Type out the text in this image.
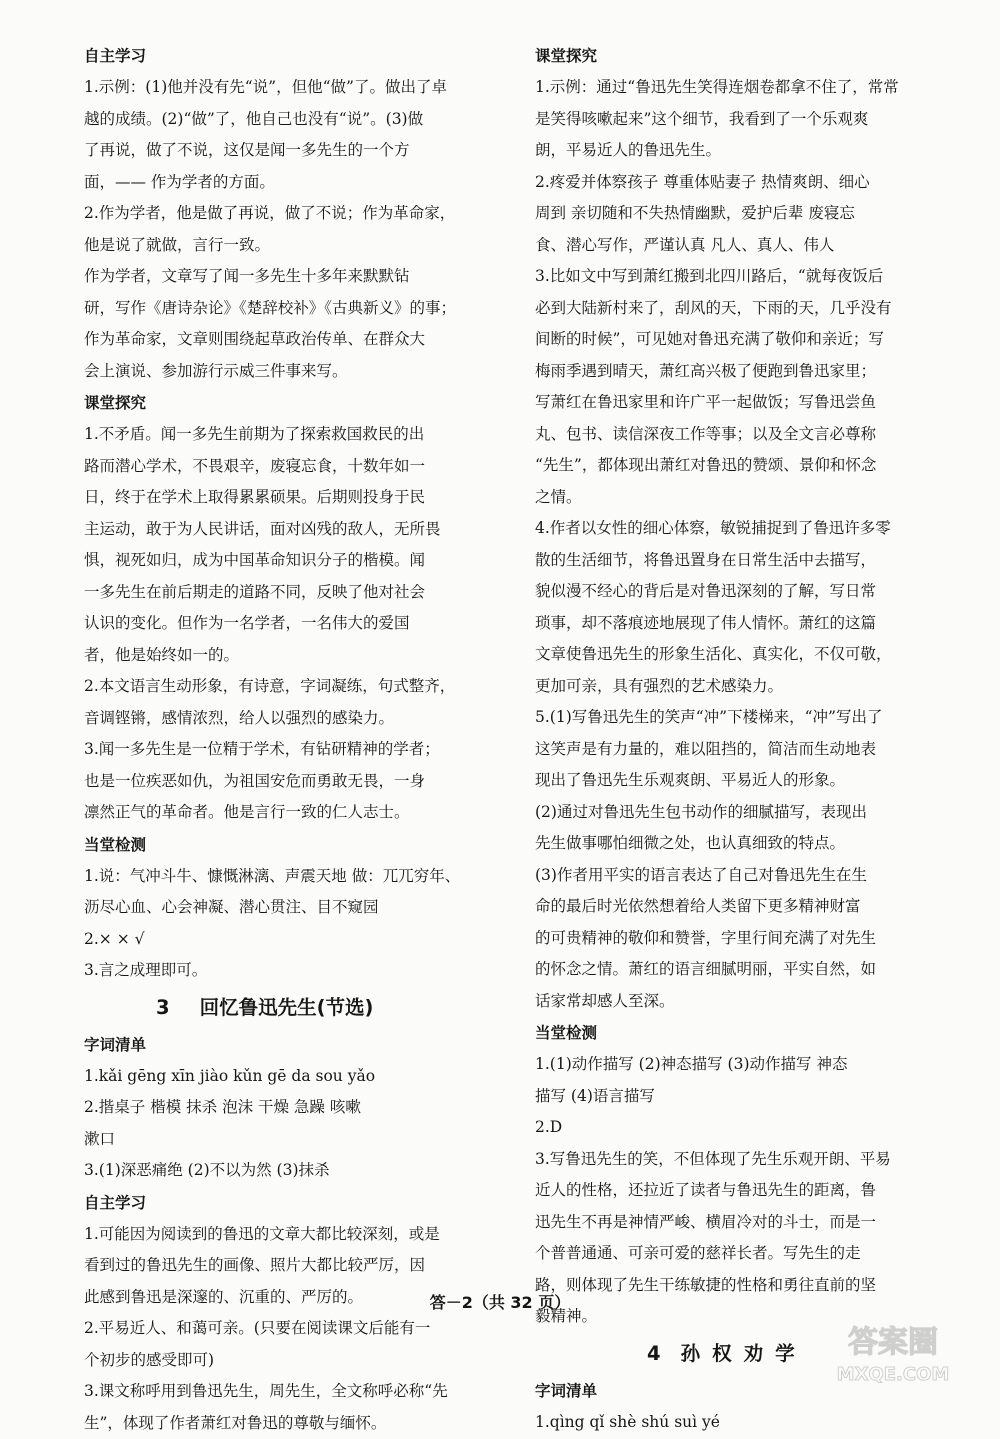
自主学习
1.示例：(1)他并没有先“说”，但他“做”了。做出了卓
越的成绩。(2)“做”了，他自己也没有“说”。(3)做
了再说，做了不说，这仅是闻一多先生的一个方
面，—— 作为学者的方面。
2.作为学者，他是做了再说，做了不说；作为革命家，
他是说了就做，言行一致。
作为学者，文章写了闻一多先生十多年来默默钻
研，写作《唐诗杂论》《楚辞校补》《古典新义》的事；
作为革命家，文章则围绕起草政治传单、在群众大
会上演说、参加游行示威三件事来写。
课堂探究
1.不矛盾。闻一多先生前期为了探索救国救民的出
路而潜心学术，不畏艰辛，废寝忘食，十数年如一
日，终于在学术上取得累累硕果。后期则投身于民
主运动，敢于为人民讲话，面对凶残的敌人，无所畏
惧，视死如归，成为中国革命知识分子的楷模。闻
一多先生在前后期走的道路不同，反映了他对社会
认识的变化。但作为一名学者，一名伟大的爱国
者，他是始终如一的。
2.本文语言生动形象，有诗意，字词凝练，句式整齐，
音调铿锵，感情浓烈，给人以强烈的感染力。
3.闻一多先生是一位精于学术，有钻研精神的学者；
也是一位疾恶如仇，为祖国安危而勇敢无畏，一身
凛然正气的革命者。他是言行一致的仁人志士。
当堂检测
1.说：气冲斗牛、慷慨淋漓、声震天地 做：兀兀穷年、
沥尽心血、心会神凝、潜心贯注、目不窥园
2.× × √
3.言之成理即可。
3 回忆鲁迅先生(节选)
字词清单
1.kǎi gēng xīn jiào kǔn gē da sou yǎo
2.揩桌子 楷模 抹杀 泡沫 干燥 急躁 咳嗽
漱口
3.(1)深恶痛绝 (2)不以为然 (3)抹杀
自主学习
1.可能因为阅读到的鲁迅的文章大都比较深刻，或是
看到过的鲁迅先生的画像、照片大都比较严厉，因
此感到鲁迅是深邃的、沉重的、严厉的。
2.平易近人、和蔼可亲。(只要在阅读课文后能有一
个初步的感受即可)
3.课文称呼用到鲁迅先生，周先生，全文称呼必称“先
生”，体现了作者萧红对鲁迅的尊敬与缅怀。
课堂探究
1.示例：通过“鲁迅先生笑得连烟卷都拿不住了，常常
是笑得咳嗽起来”这个细节，我看到了一个乐观爽
朗，平易近人的鲁迅先生。
2.疼爱并体察孩子 尊重体贴妻子 热情爽朗、细心
周到 亲切随和不失热情幽默，爱护后辈 废寝忘
食、潜心写作，严谨认真 凡人、真人、伟人
3.比如文中写到萧红搬到北四川路后，“就每夜饭后
必到大陆新村来了，刮风的天，下雨的天，几乎没有
间断的时候”，可见她对鲁迅充满了敬仰和亲近；写
梅雨季遇到晴天，萧红高兴极了便跑到鲁迅家里；
写萧红在鲁迅家里和许广平一起做饭；写鲁迅尝鱼
丸、包书、读信深夜工作等事；以及全文言必尊称
“先生”，都体现出萧红对鲁迅的赞颂、景仰和怀念
之情。
4.作者以女性的细心体察，敏锐捕捉到了鲁迅许多零
散的生活细节，将鲁迅置身在日常生活中去描写，
貌似漫不经心的背后是对鲁迅深刻的了解，写日常
琐事，却不落痕迹地展现了伟人情怀。萧红的这篇
文章使鲁迅先生的形象生活化、真实化，不仅可敬，
更加可亲，具有强烈的艺术感染力。
5.(1)写鲁迅先生的笑声“冲”下楼梯来，“冲”写出了
这笑声是有力量的，难以阻挡的，简洁而生动地表
现出了鲁迅先生乐观爽朗、平易近人的形象。
(2)通过对鲁迅先生包书动作的细腻描写，表现出
先生做事哪怕细微之处，也认真细致的特点。
(3)作者用平实的语言表达了自己对鲁迅先生在生
命的最后时光依然想着给人类留下更多精神财富
的可贵精神的敬仰和赞誉，字里行间充满了对先生
的怀念之情。萧红的语言细腻明丽，平实自然，如
话家常却感人至深。
当堂检测
1.(1)动作描写 (2)神态描写 (3)动作描写 神态
描写 (4)语言描写
2.D
3.写鲁迅先生的笑，不但体现了先生乐观开朗、平易
近人的性格，还拉近了读者与鲁迅先生的距离，鲁
迅先生不再是神情严峻、横眉冷对的斗士，而是一
个普普通通、可亲可爱的慈祥长者。写先生的走
路，则体现了先生干练敏捷的性格和勇往直前的坚
毅精神。
4 孙权劝学
字词清单
1.qìng qǐ shè shú suì yé
答－2（共 32 页）
答案圈
MXQE.COM
